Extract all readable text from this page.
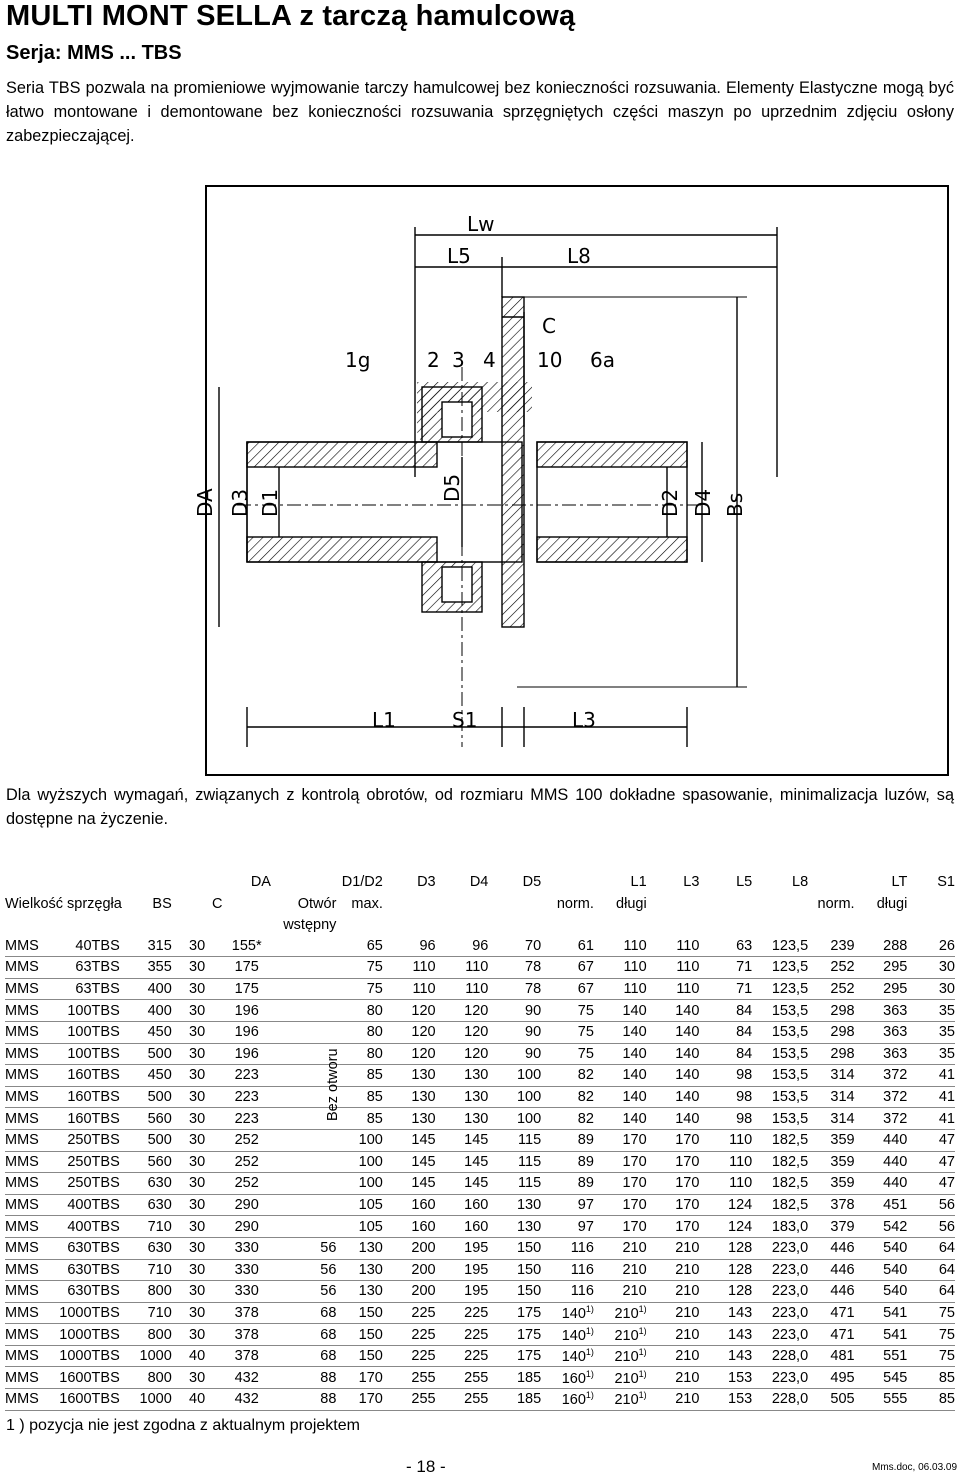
MULTI MONT SELLA z tarczą hamulcową
Serja: MMS ... TBS
Seria TBS pozwala na promieniowe wyjmowanie tarczy hamulcowej bez konieczności rozsuwania. Elementy Elastyczne mogą być łatwo montowane i demontowane bez konieczności rozsuwania sprzęgniętych części maszyn po uprzednim zdjęciu osłony zabezpieczającej.
Lw
L5	L8
C
1g	2 3 4 10 6a
L1	S1	L3
DA D3 D1
D5
D2 D4 Bs
Dla wyższych wymagań, związanych z kontrolą obrotów, od rozmiaru MMS 100 dokładne spasowanie, minimalizacja luzów, są dostępne na życzenie.
					DA	D1/D2		D3	D4	D5	L1		L3	L5	L8	LT		S1
Wielkość sprzęgła			BS	C		Otwór	max.				norm.	długi				norm.	długi	
						wstępny												
MMS	40	TBS	315	30	155*		65	96	96	70	61	110	110	63	123,5	239	288	26
MMS	63	TBS	355	30	175		75	110	110	78	67	110	110	71	123,5	252	295	30
MMS	63	TBS	400	30	175		75	110	110	78	67	110	110	71	123,5	252	295	30
MMS	100	TBS	400	30	196		80	120	120	90	75	140	140	84	153,5	298	363	35
MMS	100	TBS	450	30	196		80	120	120	90	75	140	140	84	153,5	298	363	35
MMS	100	TBS	500	30	196		80	120	120	90	75	140	140	84	153,5	298	363	35
MMS	160	TBS	450	30	223		85	130	130	100	82	140	140	98	153,5	314	372	41
MMS	160	TBS	500	30	223		85	130	130	100	82	140	140	98	153,5	314	372	41
MMS	160	TBS	560	30	223		85	130	130	100	82	140	140	98	153,5	314	372	41
MMS	250	TBS	500	30	252		100	145	145	115	89	170	170	110	182,5	359	440	47
MMS	250	TBS	560	30	252		100	145	145	115	89	170	170	110	182,5	359	440	47
MMS	250	TBS	630	30	252		100	145	145	115	89	170	170	110	182,5	359	440	47
MMS	400	TBS	630	30	290		105	160	160	130	97	170	170	124	182,5	378	451	56
MMS	400	TBS	710	30	290		105	160	160	130	97	170	170	124	183,0	379	542	56
MMS	630	TBS	630	30	330	56	130	200	195	150	116	210	210	128	223,0	446	540	64
MMS	630	TBS	710	30	330	56	130	200	195	150	116	210	210	128	223,0	446	540	64
MMS	630	TBS	800	30	330	56	130	200	195	150	116	210	210	128	223,0	446	540	64
MMS	1000	TBS	710	30	378	68	150	225	225	175	140$^{1)}$	210$^{1)}$	210	143	223,0	471	541	75
MMS	1000	TBS	800	30	378	68	150	225	225	175	140$^{1)}$	210$^{1)}$	210	143	223,0	471	541	75
MMS	1000	TBS	1000	40	378	68	150	225	225	175	140$^{1)}$	210$^{1)}$	210	143	228,0	481	551	75
MMS	1600	TBS	800	30	432	88	170	255	255	185	160$^{1)}$	210$^{1)}$	210	153	223,0	495	545	85
MMS	1600	TBS	1000	40	432	88	170	255	255	185	160$^{1)}$	210$^{1)}$	210	153	228,0	505	555	85
Bez otworu
1 ) pozycja nie jest zgodna z aktualnym projektem
- 18 -	Mms.doc, 06.03.09
